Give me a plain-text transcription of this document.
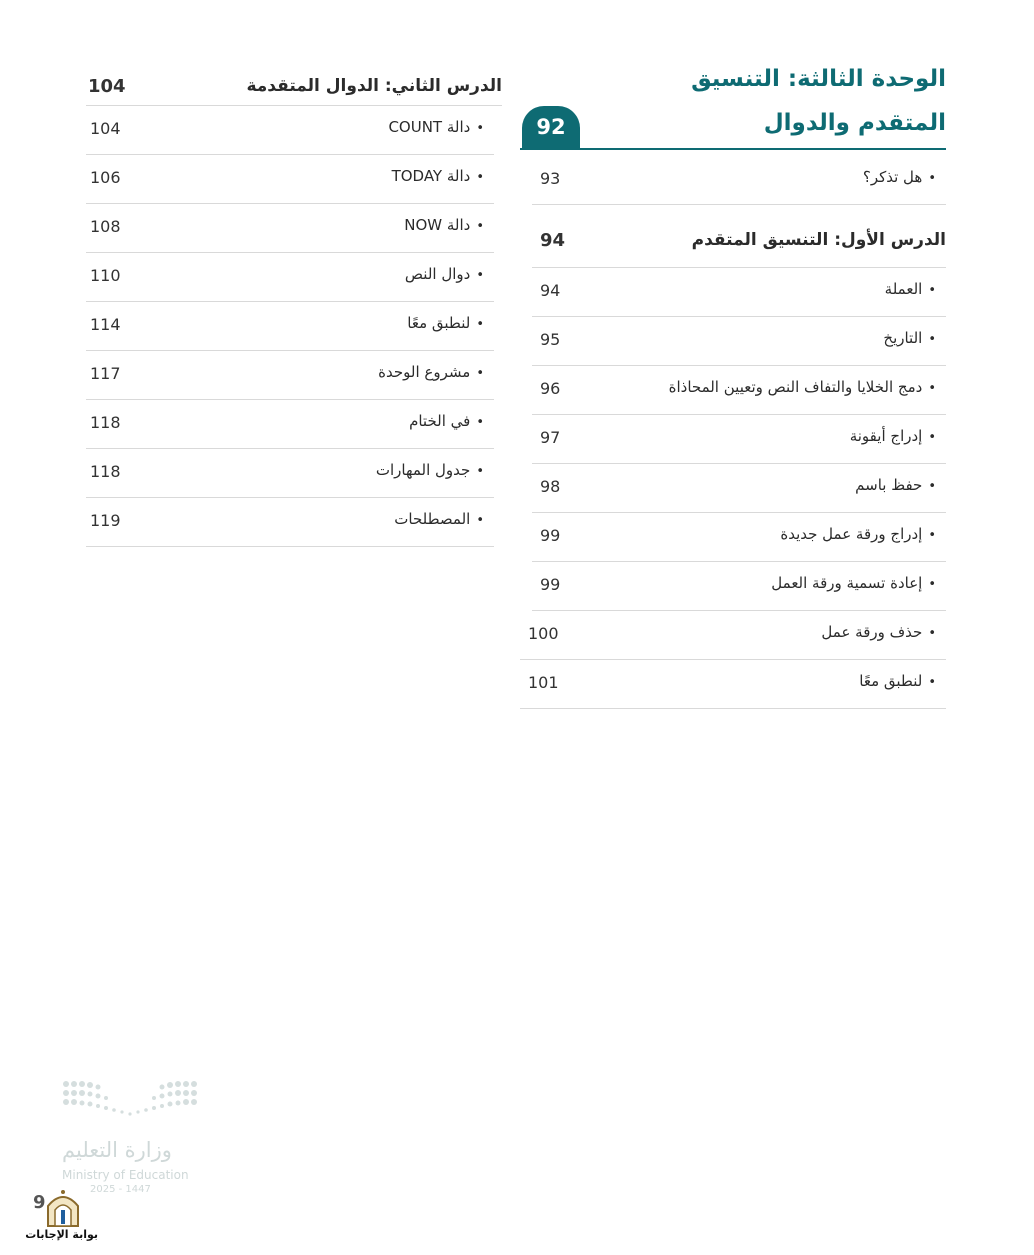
الوحدة الثالثة: التنسيق
المتقدم والدوال
92
• هل تذكر؟
93
الدرس الأول: التنسيق المتقدم
94
• العملة
94
• التاريخ
95
• دمج الخلايا والتفاف النص وتعيين المحاذاة
96
• إدراج أيقونة
97
• حفظ باسم
98
• إدراج ورقة عمل جديدة
99
• إعادة تسمية ورقة العمل
99
• حذف ورقة عمل
100
• لنطبق معًا
101
الدرس الثاني: الدوال المتقدمة
104
• دالة COUNT
104
• دالة TODAY
106
• دالة NOW
108
• دوال النص
110
• لنطبق معًا
114
• مشروع الوحدة
117
• في الختام
118
• جدول المهارات
118
• المصطلحات
119
وزارة التعليم
Ministry of Education
2025 - 1447
9
بوابة الإجابات
